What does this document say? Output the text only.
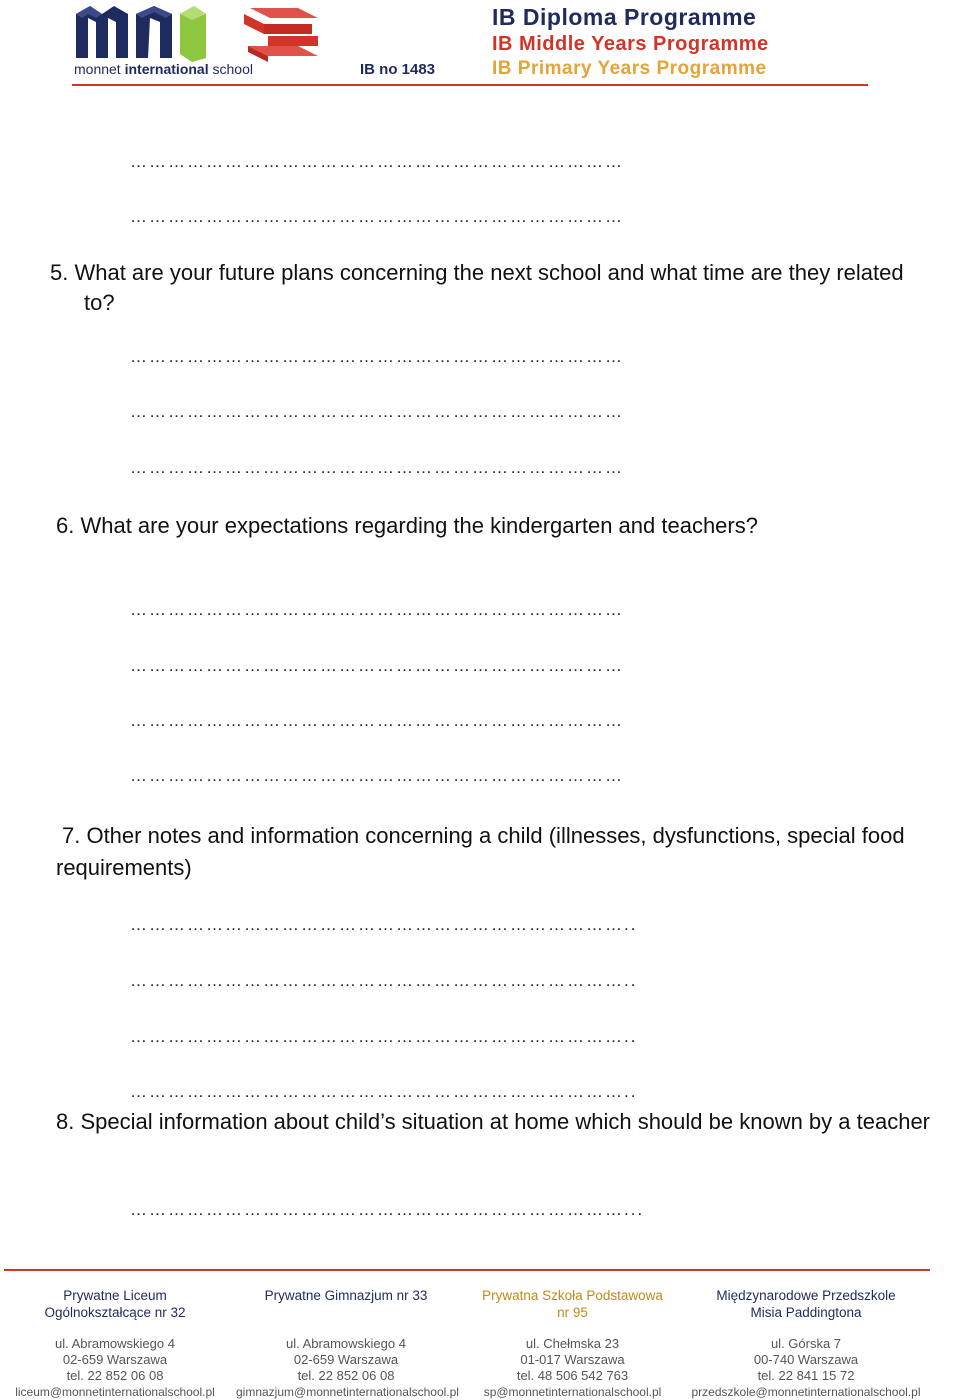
monnet international school	IB no 1483
IB Diploma Programme
IB Middle Years Programme
IB Primary Years Programme
……………………………………………………………………
……………………………………………………………………
5. What are your future plans concerning the next school and what time are they related to?
……………………………………………………………………
……………………………………………………………………
……………………………………………………………………
6. What are your expectations regarding the kindergarten and teachers?
……………………………………………………………………
……………………………………………………………………
……………………………………………………………………
……………………………………………………………………
7. Other notes and information concerning a child (illnesses, dysfunctions, special food requirements)
……………………………………………………………………..
……………………………………………………………………..
……………………………………………………………………..
……………………………………………………………………..
8. Special information about child’s situation at home which should be known by a teacher
……………………………………………………………………...
Prywatne Liceum
Ogólnokształcące nr 32
ul. Abramowskiego 4
02-659 Warszawa
tel. 22 852 06 08
liceum@monnetinternationalschool.pl
Prywatne Gimnazjum nr 33
ul. Abramowskiego 4
02-659 Warszawa
tel. 22 852 06 08
gimnazjum@monnetinternationalschool.pl
Prywatna Szkoła Podstawowa
nr 95
ul. Chełmska 23
01-017 Warszawa
tel. 48 506 542 763
sp@monnetinternationalschool.pl
Międzynarodowe Przedszkole
Misia Paddingtona
ul. Górska 7
00-740 Warszawa
tel. 22 841 15 72
przedszkole@monnetinternationalschool.pl
